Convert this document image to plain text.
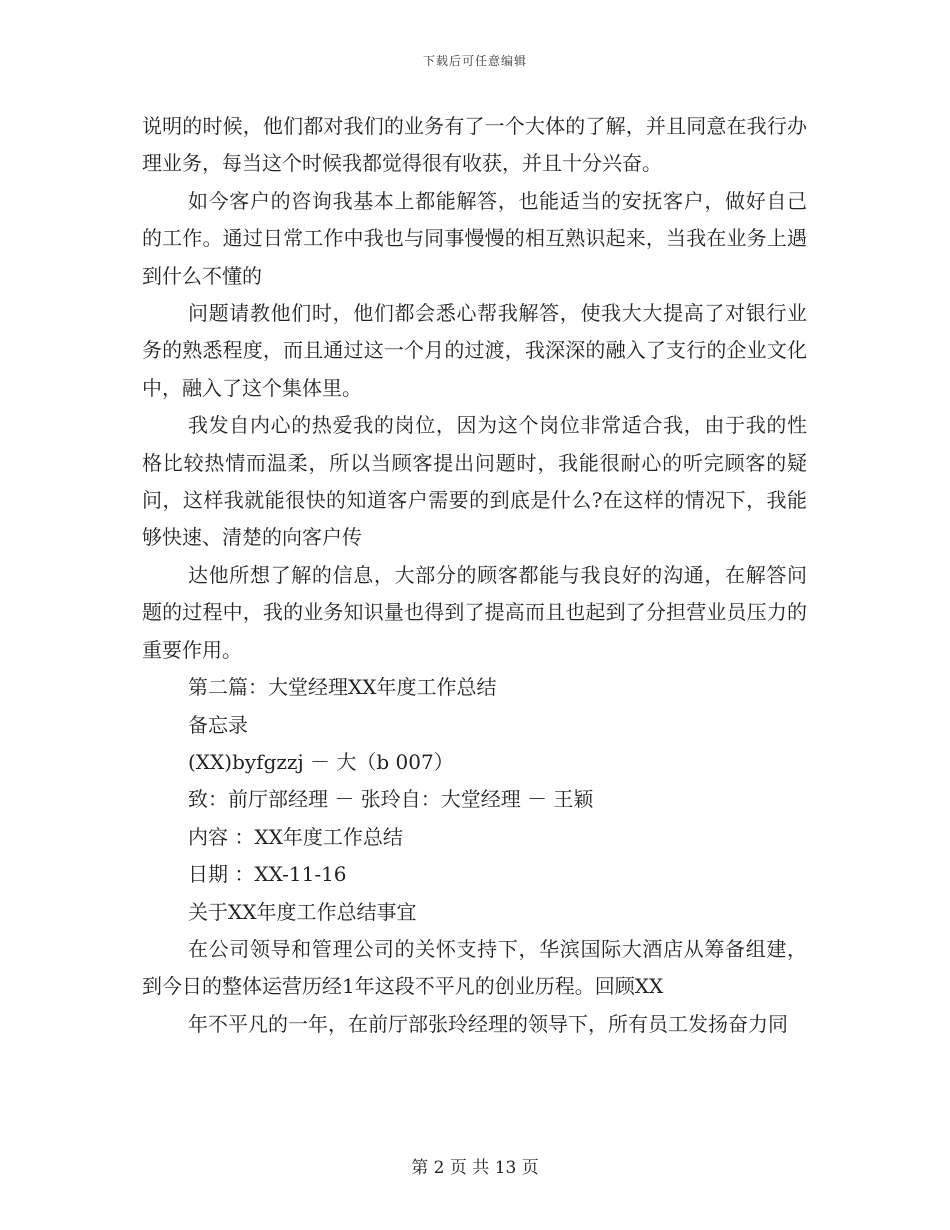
下载后可任意编辑

说明的时候，他们都对我们的业务有了一个大体的了解，并且同意在我行办理业务，每当这个时候我都觉得很有收获，并且十分兴奋。

如今客户的咨询我基本上都能解答，也能适当的安抚客户，做好自己的工作。通过日常工作中我也与同事慢慢的相互熟识起来，当我在业务上遇到什么不懂的

问题请教他们时，他们都会悉心帮我解答，使我大大提高了对银行业务的熟悉程度，而且通过这一个月的过渡，我深深的融入了支行的企业文化中，融入了这个集体里。

我发自内心的热爱我的岗位，因为这个岗位非常适合我，由于我的性格比较热情而温柔，所以当顾客提出问题时，我能很耐心的听完顾客的疑问，这样我就能很快的知道客户需要的到底是什么?在这样的情况下，我能够快速、清楚的向客户传

达他所想了解的信息，大部分的顾客都能与我良好的沟通，在解答问题的过程中，我的业务知识量也得到了提高而且也起到了分担营业员压力的重要作用。

第二篇：大堂经理XX年度工作总结

备忘录

(XX)byfgzzj － 大（b 007）

致：前厅部经理 － 张玲自：大堂经理 － 王颖

内容 ：XX年度工作总结

日期 ：XX-11-16

关于XX年度工作总结事宜

在公司领导和管理公司的关怀支持下，华滨国际大酒店从筹备组建，到今日的整体运营历经1年这段不平凡的创业历程。回顾XX

年不平凡的一年，在前厅部张玲经理的领导下，所有员工发扬奋力同

第 2 页 共 13 页
